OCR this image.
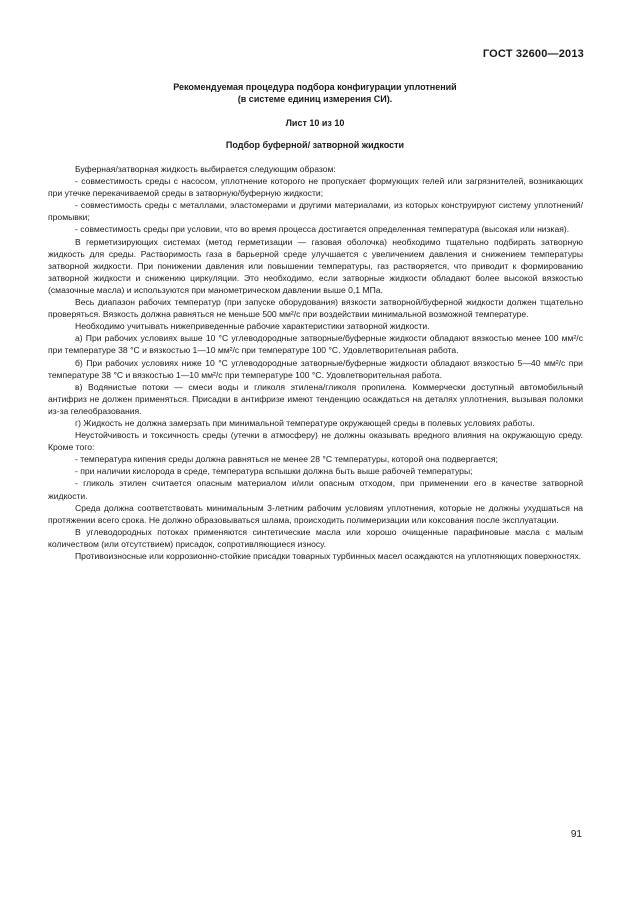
ГОСТ 32600—2013
Рекомендуемая процедура подбора конфигурации уплотнений
(в системе единиц измерения СИ).
Лист 10 из 10
Подбор буферной/ затворной жидкости

Буферная/затворная жидкость выбирается следующим образом:

- совместимость среды с насосом, уплотнение которого не пропускает формующих гелей или загрязнителей, возникающих при утечке перекачиваемой среды в затворную/буферную жидкости;

- совместимость среды с металлами, эластомерами и другими материалами, из которых конструируют систему уплотнений/промывки;

- совместимость среды при условии, что во время процесса достигается определенная температура (высокая или низкая).

В герметизирующих системах (метод герметизации — газовая оболочка) необходимо тщательно подбирать затворную жидкость для среды. Растворимость газа в барьерной среде улучшается с увеличением давления и снижением температуры затворной жидкости. При понижении давления или повышении температуры, газ растворяется, что приводит к формированию затворной жидкости и снижению циркуляции. Это необходимо, если затворные жидкости обладают более высокой вязкостью (смазочные масла) и используются при манометрическом давлении выше 0,1 МПа.

Весь диапазон рабочих температур (при запуске оборудования) вязкости затворной/буферной жидкости должен тщательно проверяться. Вязкость должна равняться не меньше 500 мм²/с при воздействии минимальной возможной температуре.

Необходимо учитывать нижеприведенные рабочие характеристики затворной жидкости.

а) При рабочих условиях выше 10 °С углеводородные затворные/буферные жидкости обладают вязкостью менее 100 мм²/с при температуре 38 °С и вязкостью 1—10 мм²/с при температуре 100 °С. Удовлетворительная работа.

б) При рабочих условиях ниже 10 °С углеводородные затворные/буферные жидкости обладают вязкостью 5—40 мм²/с при температуре 38 °С и вязкостью 1—10 мм²/с при температуре 100 °С. Удовлетворительная работа.

в) Водянистые потоки — смеси воды и гликоля этилена/гликоля пропилена. Коммерчески доступный автомобильный антифриз не должен применяться. Присадки в антифризе имеют тенденцию осаждаться на деталях уплотнения, вызывая поломки из-за гелеобразования.

г) Жидкость не должна замерзать при минимальной температуре окружающей среды в полевых условиях работы.

Неустойчивость и токсичность среды (утечки в атмосферу) не должны оказывать вредного влияния на окружающую среду. Кроме того:

- температура кипения среды должна равняться не менее 28 °С температуры, которой она подвергается;

- при наличии кислорода в среде, температура вспышки должна быть выше рабочей температуры;

- гликоль этилен считается опасным материалом и/или опасным отходом, при применении его в качестве затворной жидкости.

Среда должна соответствовать минимальным 3-летним рабочим условиям уплотнения, которые не должны ухудшаться на протяжении всего срока. Не должно образовываться шлама, происходить полимеризации или коксования после эксплуатации.

В углеводородных потоках применяются синтетические масла или хорошо очищенные парафиновые масла с малым количеством (или отсутствием) присадок, сопротивляющиеся износу.

Противоизносные или коррозионно-стойкие присадки товарных турбинных масел осаждаются на уплотняющих поверхностях.

91
